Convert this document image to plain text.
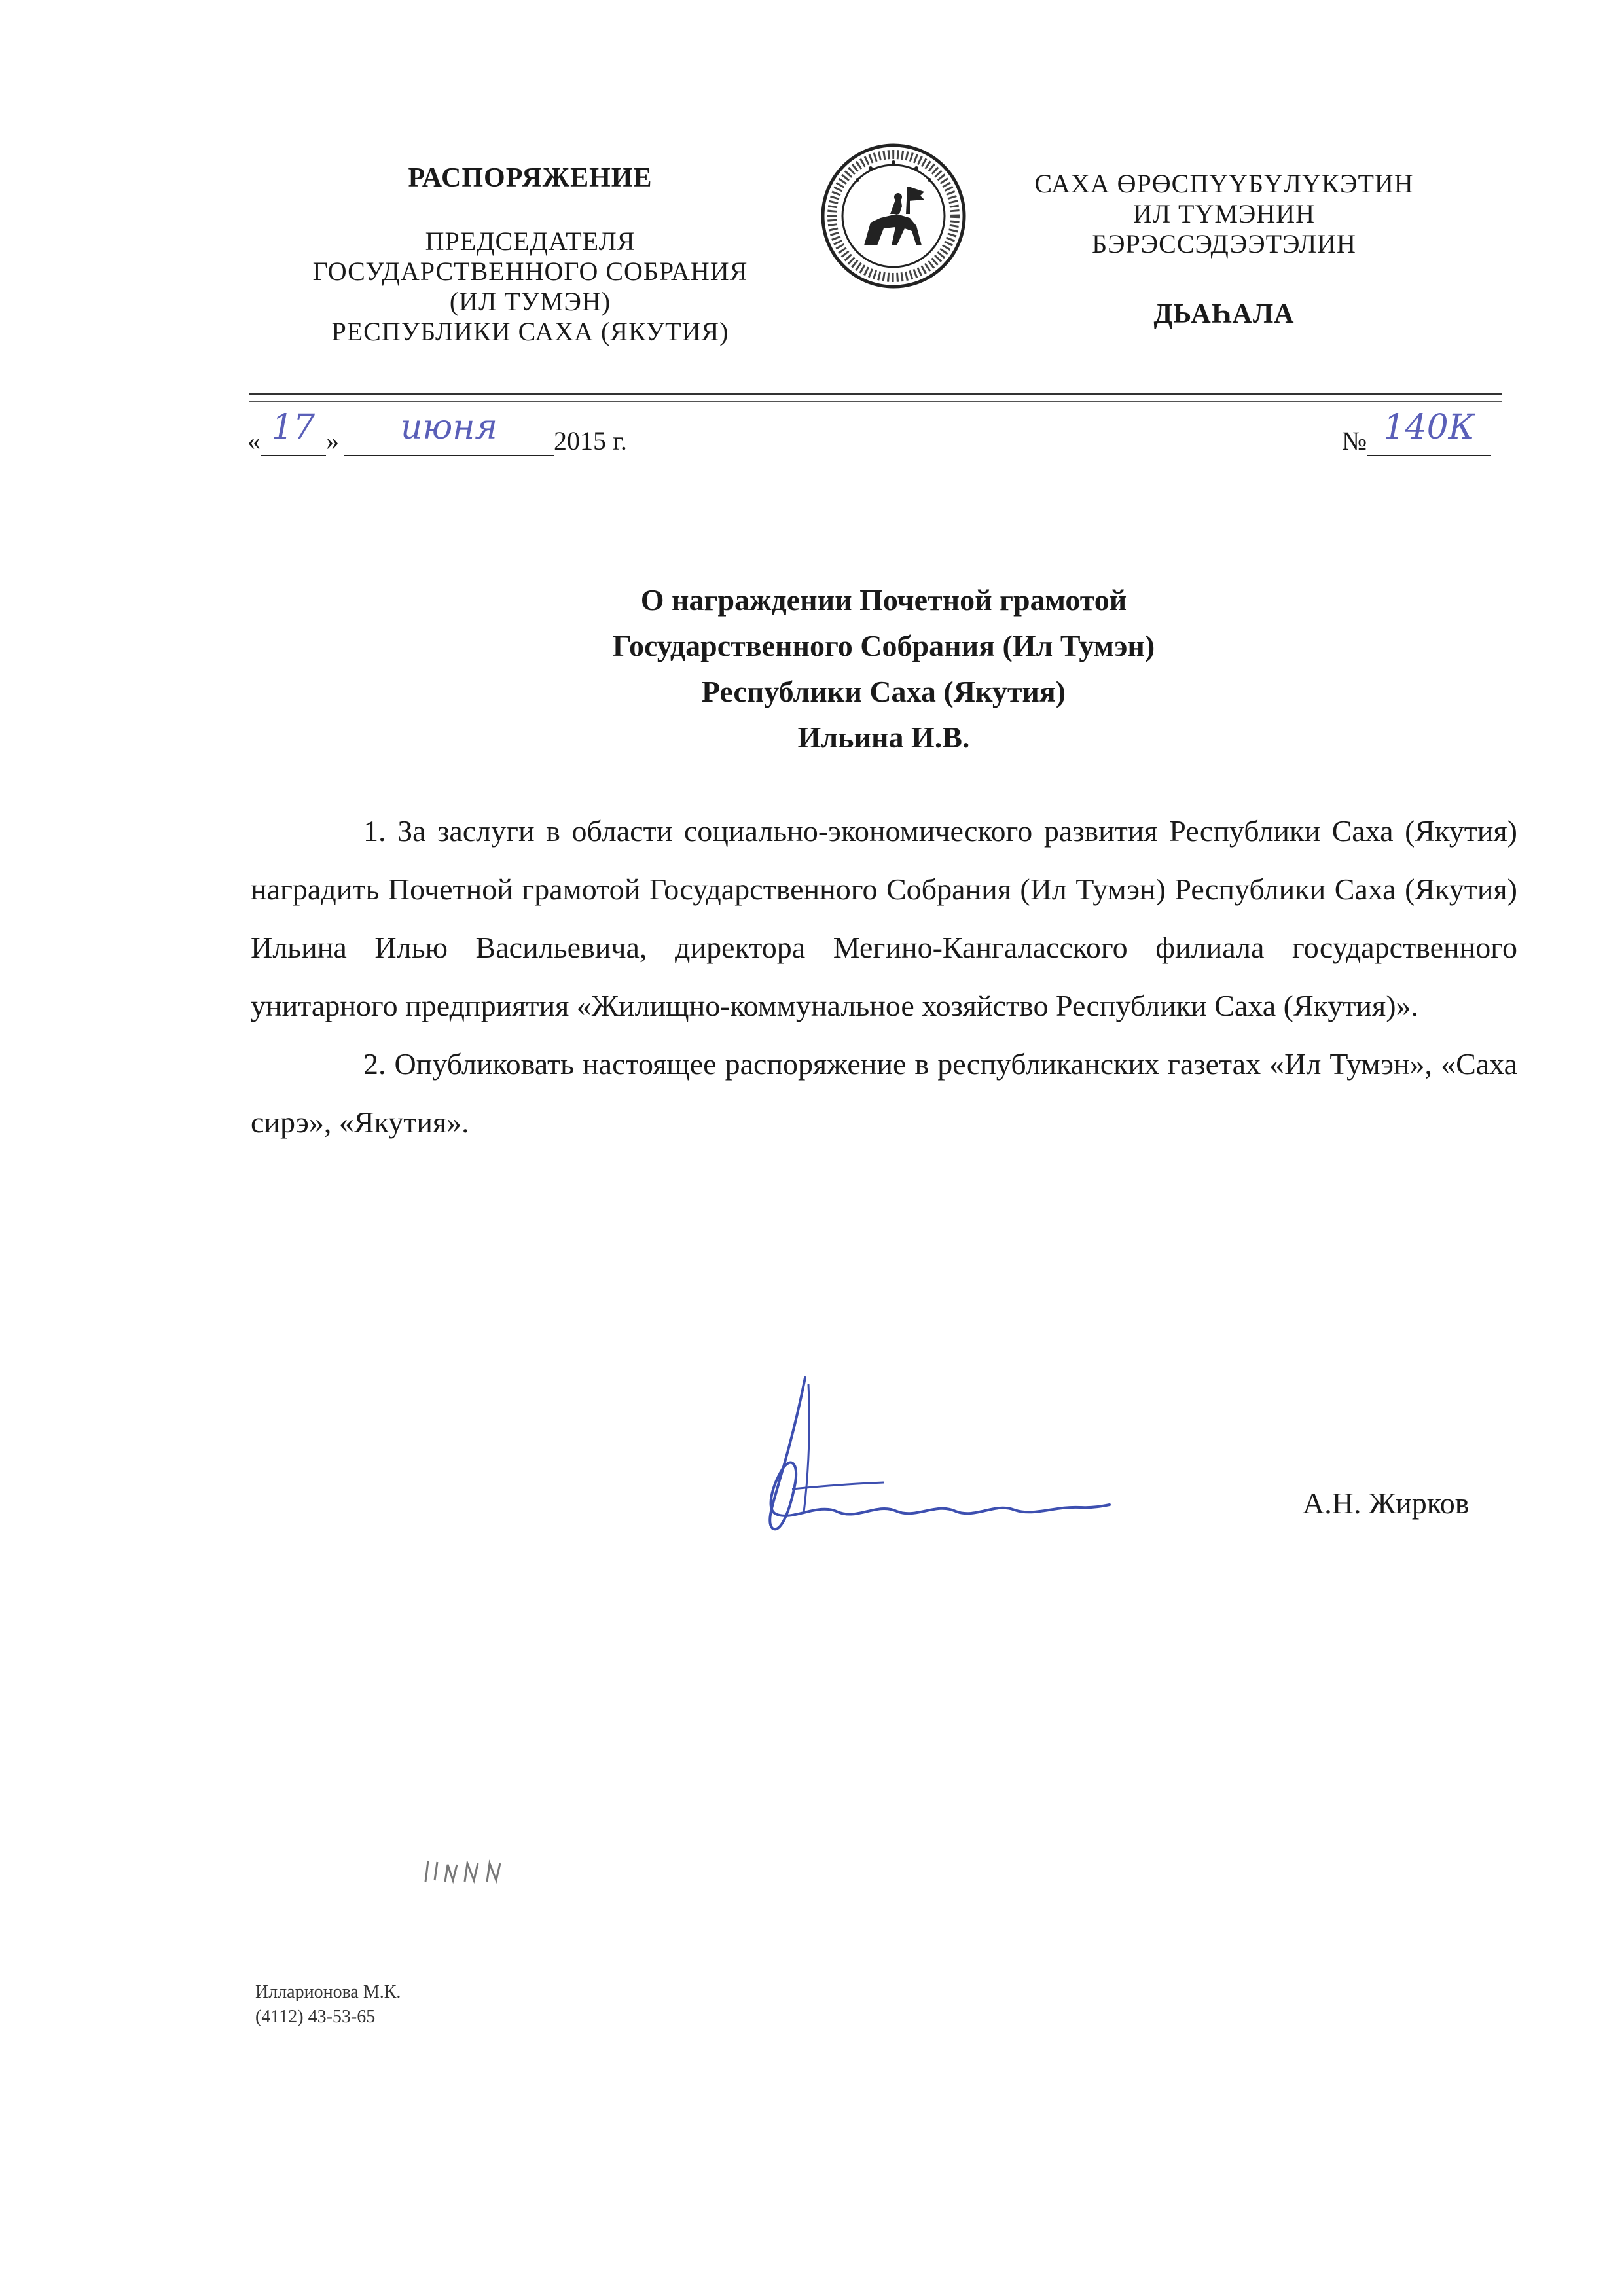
РАСПОРЯЖЕНИЕ
ПРЕДСЕДАТЕЛЯ
ГОСУДАРСТВЕННОГО СОБРАНИЯ
(ИЛ ТУМЭН)
РЕСПУБЛИКИ САХА (ЯКУТИЯ)
САХА ӨРӨСПҮҮБҮЛҮКЭТИН
ИЛ ТҮМЭНИН
БЭРЭССЭДЭЭТЭЛИН
ДЬАҺАЛА
« 17 »	июня	2015 г.	№ 140К
О награждении Почетной грамотой
Государственного Собрания (Ил Тумэн)
Республики Саха (Якутия)
Ильина И.В.

1. За заслуги в области социально-экономического развития Республики Саха (Якутия) наградить Почетной грамотой Государственного Собрания (Ил Тумэн) Республики Саха (Якутия) Ильина Илью Васильевича, директора Мегино-Кангаласского филиала государственного унитарного предприятия «Жилищно-коммунальное хозяйство Республики Саха (Якутия)».

2. Опубликовать настоящее распоряжение в республиканских газетах «Ил Тумэн», «Саха сирэ», «Якутия».

А.Н. Жирков
Илларионова М.К.
(4112) 43-53-65
